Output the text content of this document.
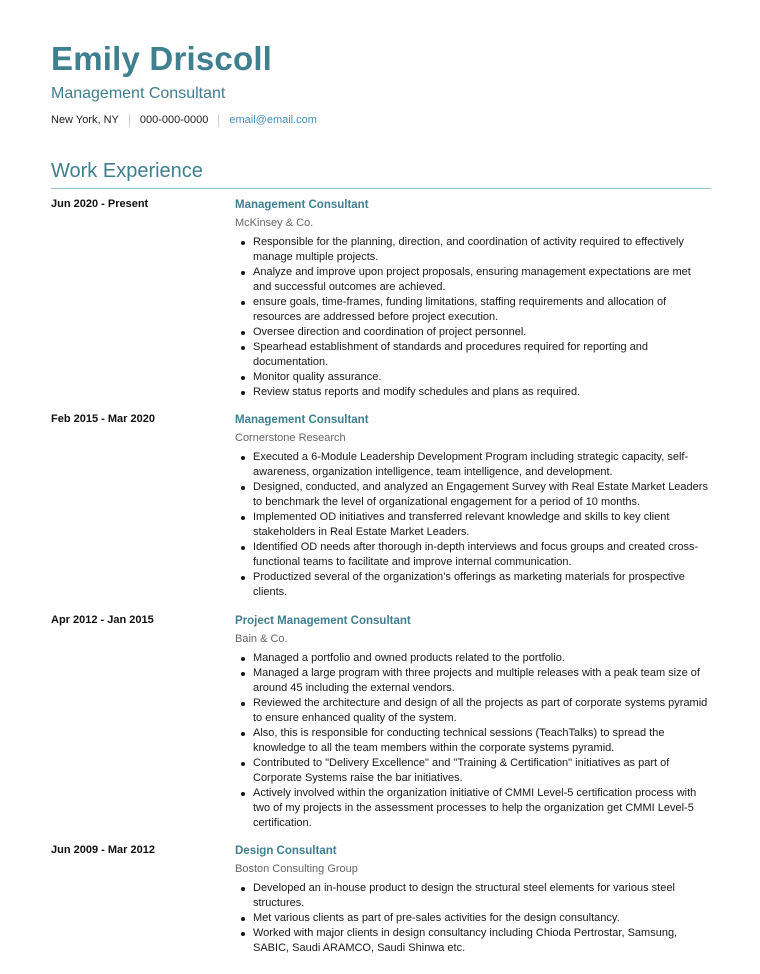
Emily Driscoll
Management Consultant
New York, NY 000-000-0000 email@email.com
Work Experience
Jun 2020 - Present	Management Consultant
McKinsey & Co.
Responsible for the planning, direction, and coordination of activity required to effectively manage multiple projects.
Analyze and improve upon project proposals, ensuring management expectations are met and successful outcomes are achieved.
ensure goals, time-frames, funding limitations, staffing requirements and allocation of resources are addressed before project execution.
Oversee direction and coordination of project personnel.
Spearhead establishment of standards and procedures required for reporting and documentation.
Monitor quality assurance.
Review status reports and modify schedules and plans as required.
Feb 2015 - Mar 2020	Management Consultant
Cornerstone Research
Executed a 6-Module Leadership Development Program including strategic capacity, self-awareness, organization intelligence, team intelligence, and development.
Designed, conducted, and analyzed an Engagement Survey with Real Estate Market Leaders to benchmark the level of organizational engagement for a period of 10 months.
Implemented OD initiatives and transferred relevant knowledge and skills to key client stakeholders in Real Estate Market Leaders.
Identified OD needs after thorough in-depth interviews and focus groups and created cross-functional teams to facilitate and improve internal communication.
Productized several of the organization’s offerings as marketing materials for prospective clients.
Apr 2012 - Jan 2015	Project Management Consultant
Bain & Co.
Managed a portfolio and owned products related to the portfolio.
Managed a large program with three projects and multiple releases with a peak team size of around 45 including the external vendors.
Reviewed the architecture and design of all the projects as part of corporate systems pyramid to ensure enhanced quality of the system.
Also, this is responsible for conducting technical sessions (TeachTalks) to spread the knowledge to all the team members within the corporate systems pyramid.
Contributed to "Delivery Excellence" and "Training & Certification" initiatives as part of Corporate Systems raise the bar initiatives.
Actively involved within the organization initiative of CMMI Level-5 certification process with two of my projects in the assessment processes to help the organization get CMMI Level-5 certification.
Jun 2009 - Mar 2012	Design Consultant
Boston Consulting Group
Developed an in-house product to design the structural steel elements for various steel structures.
Met various clients as part of pre-sales activities for the design consultancy.
Worked with major clients in design consultancy including Chioda Pertrostar, Samsung, SABIC, Saudi ARAMCO, Saudi Shinwa etc.
